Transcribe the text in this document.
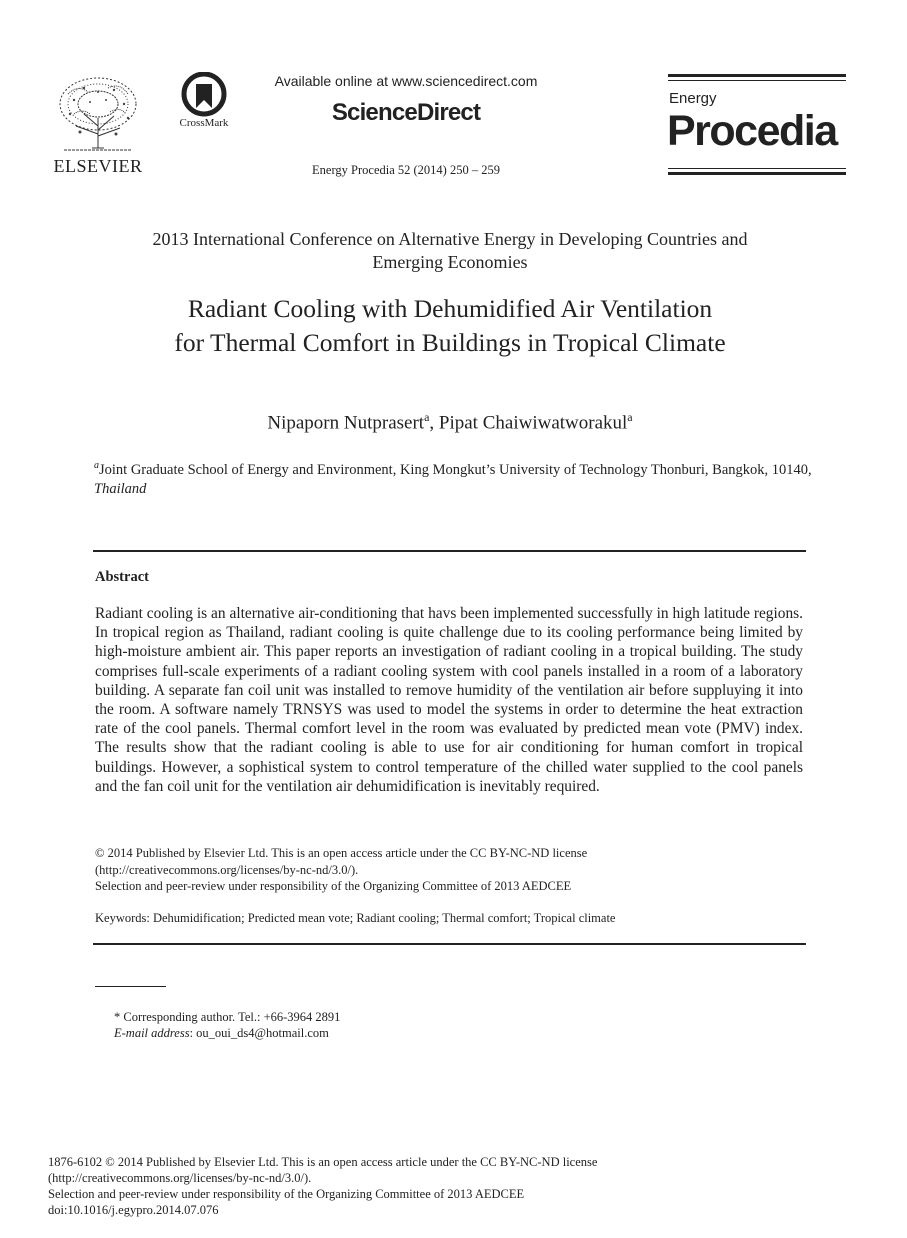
ELSEVIER
CrossMark
Available online at www.sciencedirect.com
ScienceDirect
Energy Procedia 52 (2014) 250 – 259
Energy
Procedia
2013 International Conference on Alternative Energy in Developing Countries and
Emerging Economies
Radiant Cooling with Dehumidified Air Ventilation
for Thermal Comfort in Buildings in Tropical Climate
Nipaporn Nutprasert$^a$, Pipat Chaiwiwatworakul$^a$
$^a$Joint Graduate School of Energy and Environment, King Mongkut’s University of Technology Thonburi, Bangkok, 10140, Thailand
Abstract
Radiant cooling is an alternative air-conditioning that havs been implemented successfully in high latitude regions. In tropical region as Thailand, radiant cooling is quite challenge due to its cooling performance being limited by high-moisture ambient air. This paper reports an investigation of radiant cooling in a tropical building. The study comprises full-scale experiments of a radiant cooling system with cool panels installed in a room of a laboratory building. A separate fan coil unit was installed to remove humidity of the ventilation air before suppluying it into the room. A software namely TRNSYS was used to model the systems in order to determine the heat extraction rate of the cool panels. Thermal comfort level in the room was evaluated by predicted mean vote (PMV) index. The results show that the radiant cooling is able to use for air conditioning for human comfort in tropical buildings. However, a sophistical system to control temperature of the chilled water supplied to the cool panels and the fan coil unit for the ventilation air dehumidification is inevitably required.
© 2014 Published by Elsevier Ltd. This is an open access article under the CC BY-NC-ND license
(http://creativecommons.org/licenses/by-nc-nd/3.0/).
Selection and peer-review under responsibility of the Organizing Committee of 2013 AEDCEE
Keywords: Dehumidification; Predicted mean vote; Radiant cooling; Thermal comfort; Tropical climate
* Corresponding author. Tel.: +66-3964 2891
E-mail address: ou_oui_ds4@hotmail.com
1876-6102 © 2014 Published by Elsevier Ltd. This is an open access article under the CC BY-NC-ND license
(http://creativecommons.org/licenses/by-nc-nd/3.0/).
Selection and peer-review under responsibility of the Organizing Committee of 2013 AEDCEE
doi:10.1016/j.egypro.2014.07.076
